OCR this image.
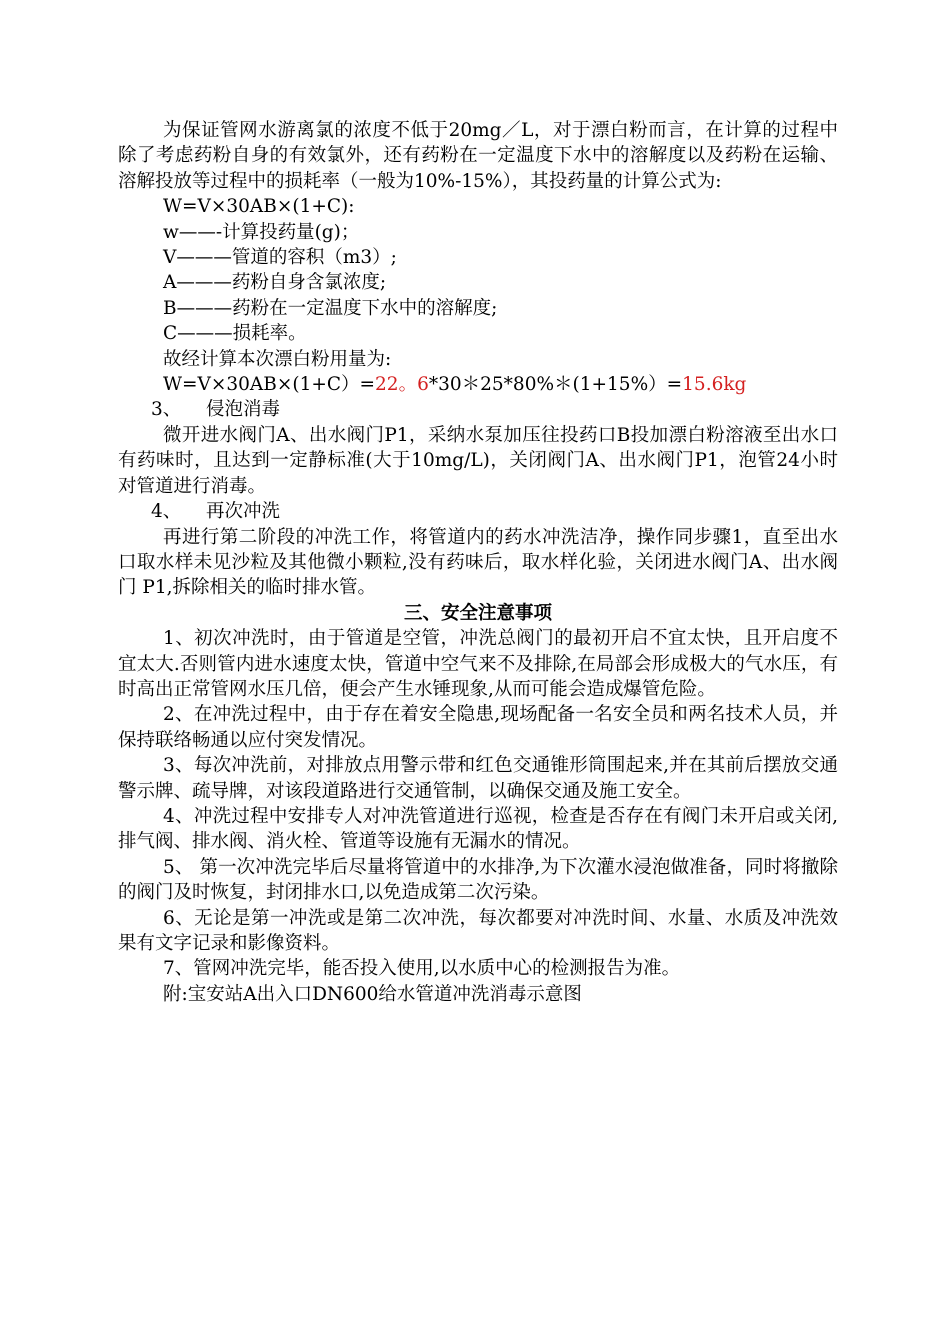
为保证管网水游离氯的浓度不低于20mg／L，对于漂白粉而言，在计算的过程中除了考虑药粉自身的有效氯外，还有药粉在一定温度下水中的溶解度以及药粉在运输、溶解投放等过程中的损耗率（一般为10%-15%），其投药量的计算公式为:

W=V×30AB×(1+C):

w——-计算投药量(g)；

V———管道的容积（m3）;

A———药粉自身含氯浓度;

B———药粉在一定温度下水中的溶解度;

C———损耗率。

故经计算本次漂白粉用量为:

W=V×30AB×(1+C）=22。6*30＊25*80%＊(1+15%）=15.6kg

3、 侵泡消毒

微开进水阀门A、出水阀门P1，采纳水泵加压往投药口B投加漂白粉溶液至出水口有药味时，且达到一定静标准(大于10mg/L)，关闭阀门A、出水阀门P1，泡管24小时对管道进行消毒。

4、 再次冲洗

再进行第二阶段的冲洗工作，将管道内的药水冲洗洁净，操作同步骤1，直至出水口取水样未见沙粒及其他微小颗粒,没有药味后，取水样化验，关闭进水阀门A、出水阀门 P1,拆除相关的临时排水管。

三、安全注意事项

1、初次冲洗时，由于管道是空管，冲洗总阀门的最初开启不宜太快，且开启度不宜太大.否则管内进水速度太快，管道中空气来不及排除,在局部会形成极大的气水压，有时高出正常管网水压几倍，便会产生水锤现象,从而可能会造成爆管危险。

2、在冲洗过程中，由于存在着安全隐患,现场配备一名安全员和两名技术人员，并保持联络畅通以应付突发情况。

3、每次冲洗前，对排放点用警示带和红色交通锥形筒围起来,并在其前后摆放交通警示牌、疏导牌，对该段道路进行交通管制，以确保交通及施工安全。

4、冲洗过程中安排专人对冲洗管道进行巡视，检查是否存在有阀门未开启或关闭,排气阀、排水阀、消火栓、管道等设施有无漏水的情况。

5、 第一次冲洗完毕后尽量将管道中的水排净,为下次灌水浸泡做准备，同时将撤除的阀门及时恢复，封闭排水口,以免造成第二次污染。

6、无论是第一冲洗或是第二次冲洗，每次都要对冲洗时间、水量、水质及冲洗效果有文字记录和影像资料。

7、管网冲洗完毕，能否投入使用,以水质中心的检测报告为准。

附:宝安站A出入口DN600给水管道冲洗消毒示意图
